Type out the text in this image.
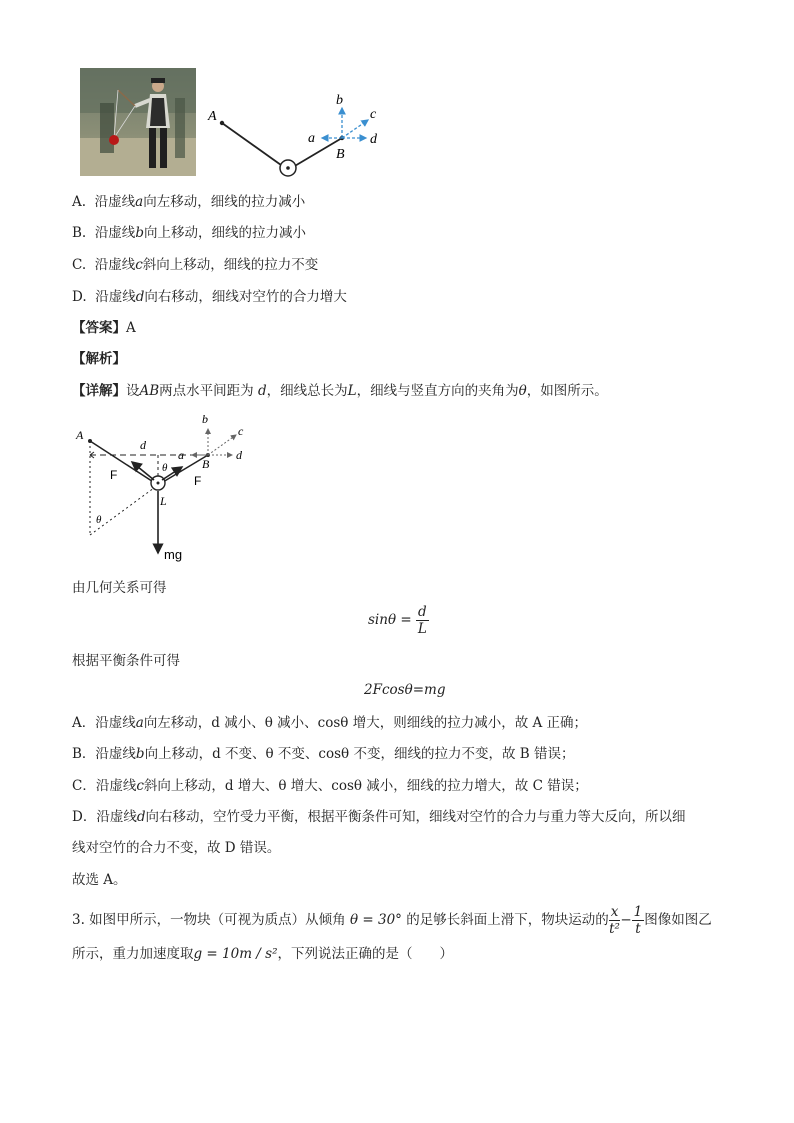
A
B
b
c
a	d
A. 沿虚线a向左移动，细线的拉力减小
B. 沿虚线b向上移动，细线的拉力减小
C. 沿虚线c斜向上移动，细线的拉力不变
D. 沿虚线d向右移动，细线对空竹的合力增大
【答案】A
【解析】
【详解】设AB两点水平间距为 d，细线总长为L，细线与竖直方向的夹角为θ，如图所示。
A
B
b
c
a	d
d
F	F
θ
θ
L
mg
由几何关系可得
$\sin\theta = \frac{d}{L}$
根据平衡条件可得
2Fcosθ=mg
A．沿虚线a向左移动，d 减小、θ 减小、cosθ 增大，则细线的拉力减小，故 A 正确；
B．沿虚线b向上移动，d 不变、θ 不变、cosθ 不变，细线的拉力不变，故 B 错误；
C．沿虚线c斜向上移动，d 增大、θ 增大、cosθ 减小，细线的拉力增大，故 C 错误；
D．沿虚线d向右移动，空竹受力平衡，根据平衡条件可知，细线对空竹的合力与重力等大反向，所以细
线对空竹的合力不变，故 D 错误。
故选 A。
3. 如图甲所示，一物块（可视为质点）从倾角 θ = 30° 的足够长斜面上滑下，物块运动的 $\frac{x}{\text{t²}} - \frac{1}{t}$ 图像如图乙
所示，重力加速度取g = 10m / s²，下列说法正确的是（　　）
